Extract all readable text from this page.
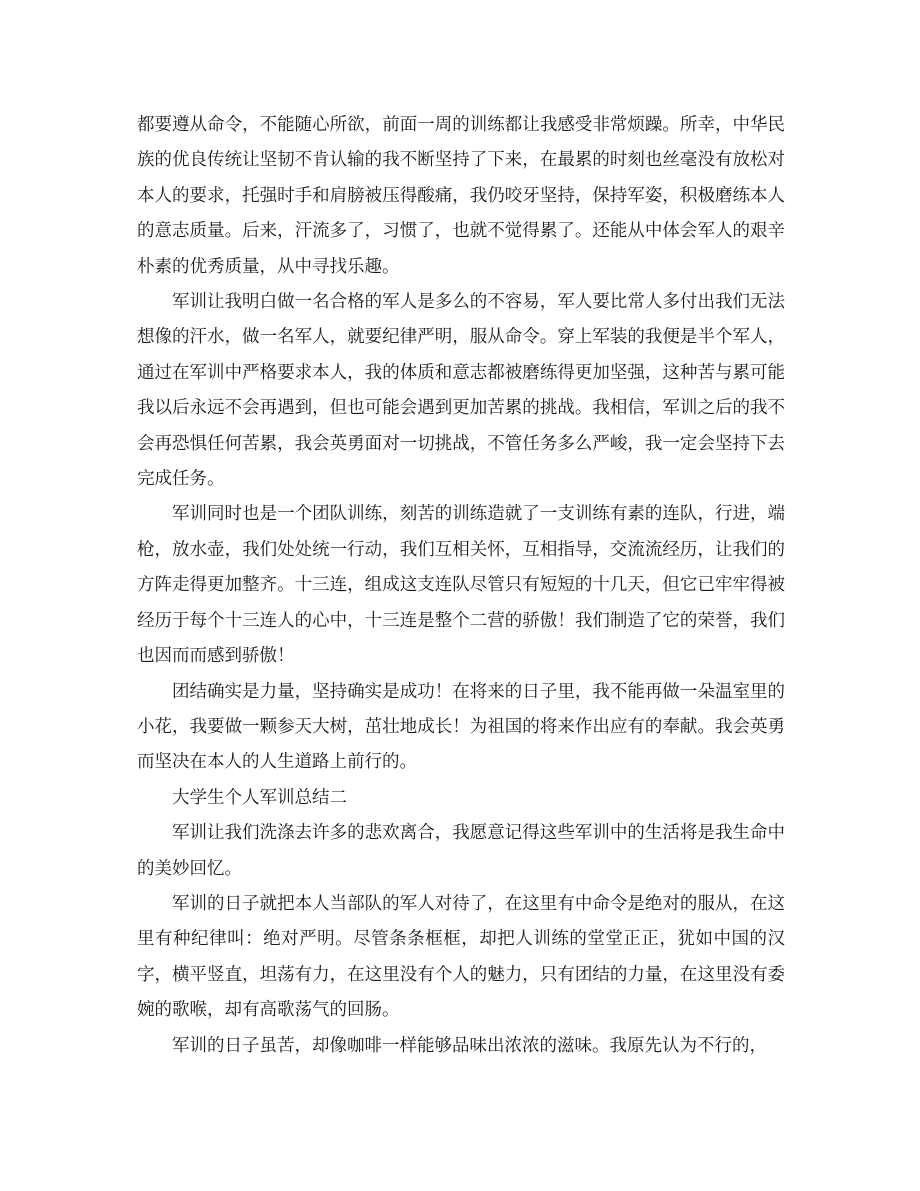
都要遵从命令，不能随心所欲，前面一周的训练都让我感受非常烦躁。所幸，中华民族的优良传统让坚韧不肯认输的我不断坚持了下来，在最累的时刻也丝毫没有放松对本人的要求，托强时手和肩膀被压得酸痛，我仍咬牙坚持，保持军姿，积极磨练本人的意志质量。后来，汗流多了，习惯了，也就不觉得累了。还能从中体会军人的艰辛朴素的优秀质量，从中寻找乐趣。

军训让我明白做一名合格的军人是多么的不容易，军人要比常人多付出我们无法想像的汗水，做一名军人，就要纪律严明，服从命令。穿上军装的我便是半个军人，通过在军训中严格要求本人，我的体质和意志都被磨练得更加坚强，这种苦与累可能我以后永远不会再遇到，但也可能会遇到更加苦累的挑战。我相信，军训之后的我不会再恐惧任何苦累，我会英勇面对一切挑战，不管任务多么严峻，我一定会坚持下去完成任务。

军训同时也是一个团队训练，刻苦的训练造就了一支训练有素的连队，行进，端枪，放水壶，我们处处统一行动，我们互相关怀，互相指导，交流流经历，让我们的方阵走得更加整齐。十三连，组成这支连队尽管只有短短的十几天，但它已牢牢得被经历于每个十三连人的心中，十三连是整个二营的骄傲！我们制造了它的荣誉，我们也因而而感到骄傲！

团结确实是力量，坚持确实是成功！在将来的日子里，我不能再做一朵温室里的小花，我要做一颗参天大树，茁壮地成长！为祖国的将来作出应有的奉献。我会英勇而坚决在本人的人生道路上前行的。

大学生个人军训总结二

军训让我们洗涤去许多的悲欢离合，我愿意记得这些军训中的生活将是我生命中的美妙回忆。

军训的日子就把本人当部队的军人对待了，在这里有中命令是绝对的服从，在这里有种纪律叫：绝对严明。尽管条条框框，却把人训练的堂堂正正，犹如中国的汉字，横平竖直，坦荡有力，在这里没有个人的魅力，只有团结的力量，在这里没有委婉的歌喉，却有高歌荡气的回肠。

军训的日子虽苦，却像咖啡一样能够品味出浓浓的滋味。我原先认为不行的，
